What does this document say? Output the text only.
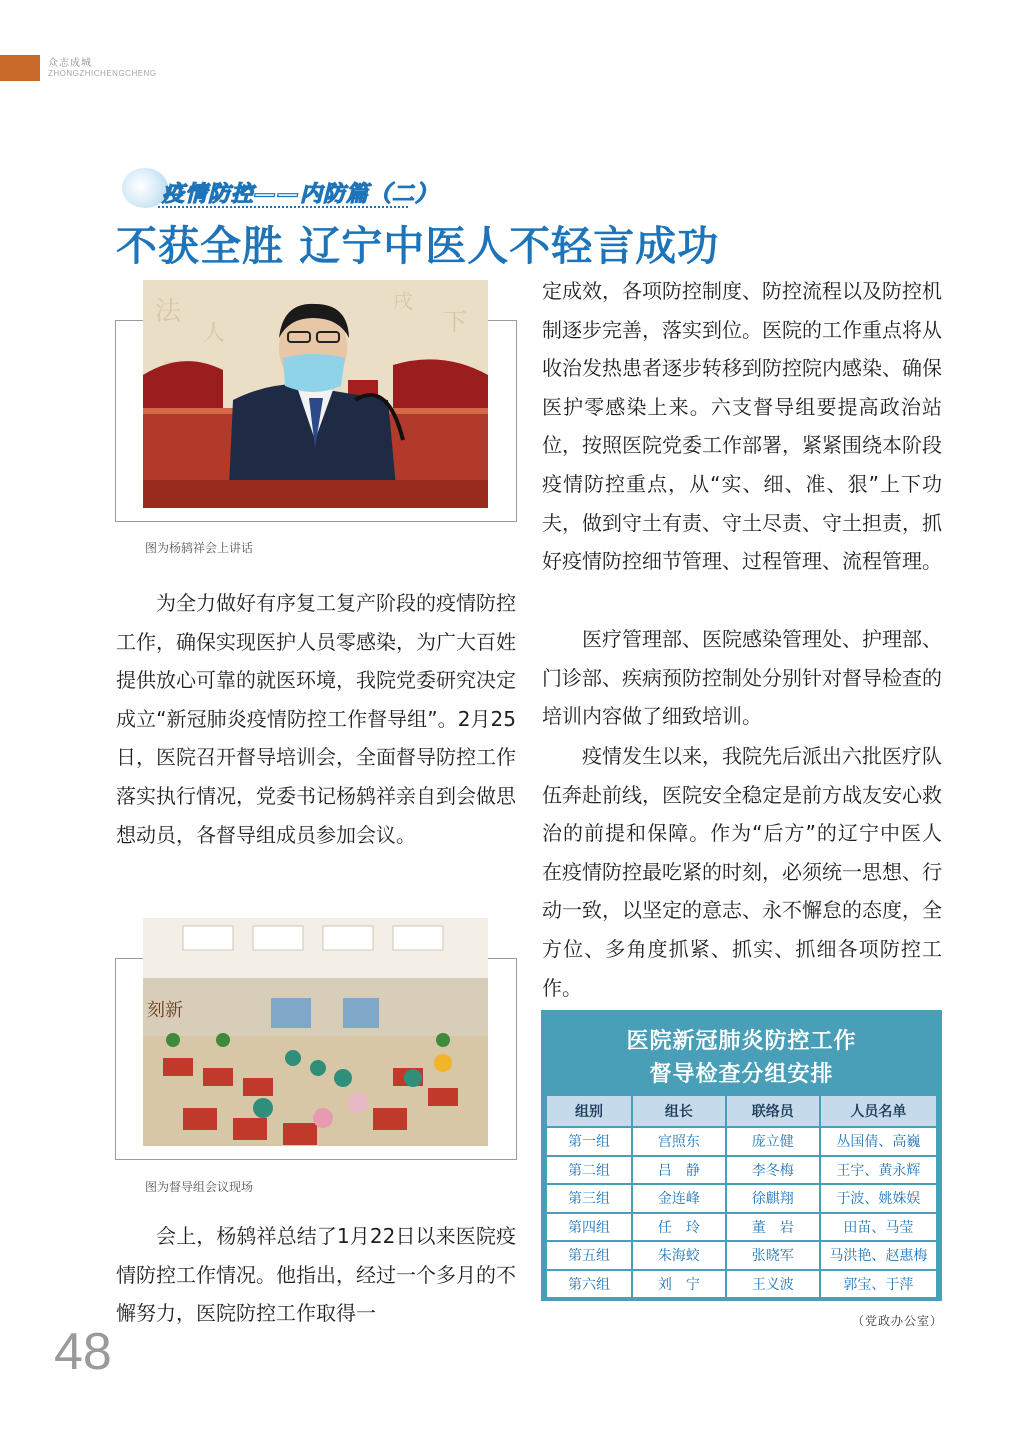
众志成城
ZHONGZHICHENGCHENG
疫情防控——内防篇（二）
不获全胜 辽宁中医人不轻言成功
法
人	下
戌
图为杨鸫祥会上讲话
为全力做好有序复工复产阶段的疫情防控工作，确保实现医护人员零感染，为广大百姓提供放心可靠的就医环境，我院党委研究决定成立“新冠肺炎疫情防控工作督导组”。2月25日，医院召开督导培训会，全面督导防控工作落实执行情况，党委书记杨鸫祥亲自到会做思想动员，各督导组成员参加会议。
刻新
图为督导组会议现场
会上，杨鸫祥总结了1月22日以来医院疫情防控工作情况。他指出，经过一个多月的不懈努力，医院防控工作取得一
定成效，各项防控制度、防控流程以及防控机制逐步完善，落实到位。医院的工作重点将从收治发热患者逐步转移到防控院内感染、确保医护零感染上来。六支督导组要提高政治站位，按照医院党委工作部署，紧紧围绕本阶段疫情防控重点，从“实、细、准、狠”上下功夫，做到守土有责、守土尽责、守土担责，抓好疫情防控细节管理、过程管理、流程管理。
医疗管理部、医院感染管理处、护理部、门诊部、疾病预防控制处分别针对督导检查的培训内容做了细致培训。
疫情发生以来，我院先后派出六批医疗队伍奔赴前线，医院安全稳定是前方战友安心救治的前提和保障。作为“后方”的辽宁中医人在疫情防控最吃紧的时刻，必须统一思想、行动一致，以坚定的意志、永不懈怠的态度，全方位、多角度抓紧、抓实、抓细各项防控工作。
医院新冠肺炎防控工作
督导检查分组安排
组别	组长	联络员	人员名单
第一组	宫照东	庞立健	丛国倩、高巍
第二组	吕　静	李冬梅	王宇、黄永辉
第三组	金连峰	徐麒翔	于波、姚姝娱
第四组	任　玲	董　岩	田苗、马莹
第五组	朱海蛟	张晓军	马洪艳、赵惠梅
第六组	刘　宁	王义波	郭宝、于萍
（党政办公室）
48
